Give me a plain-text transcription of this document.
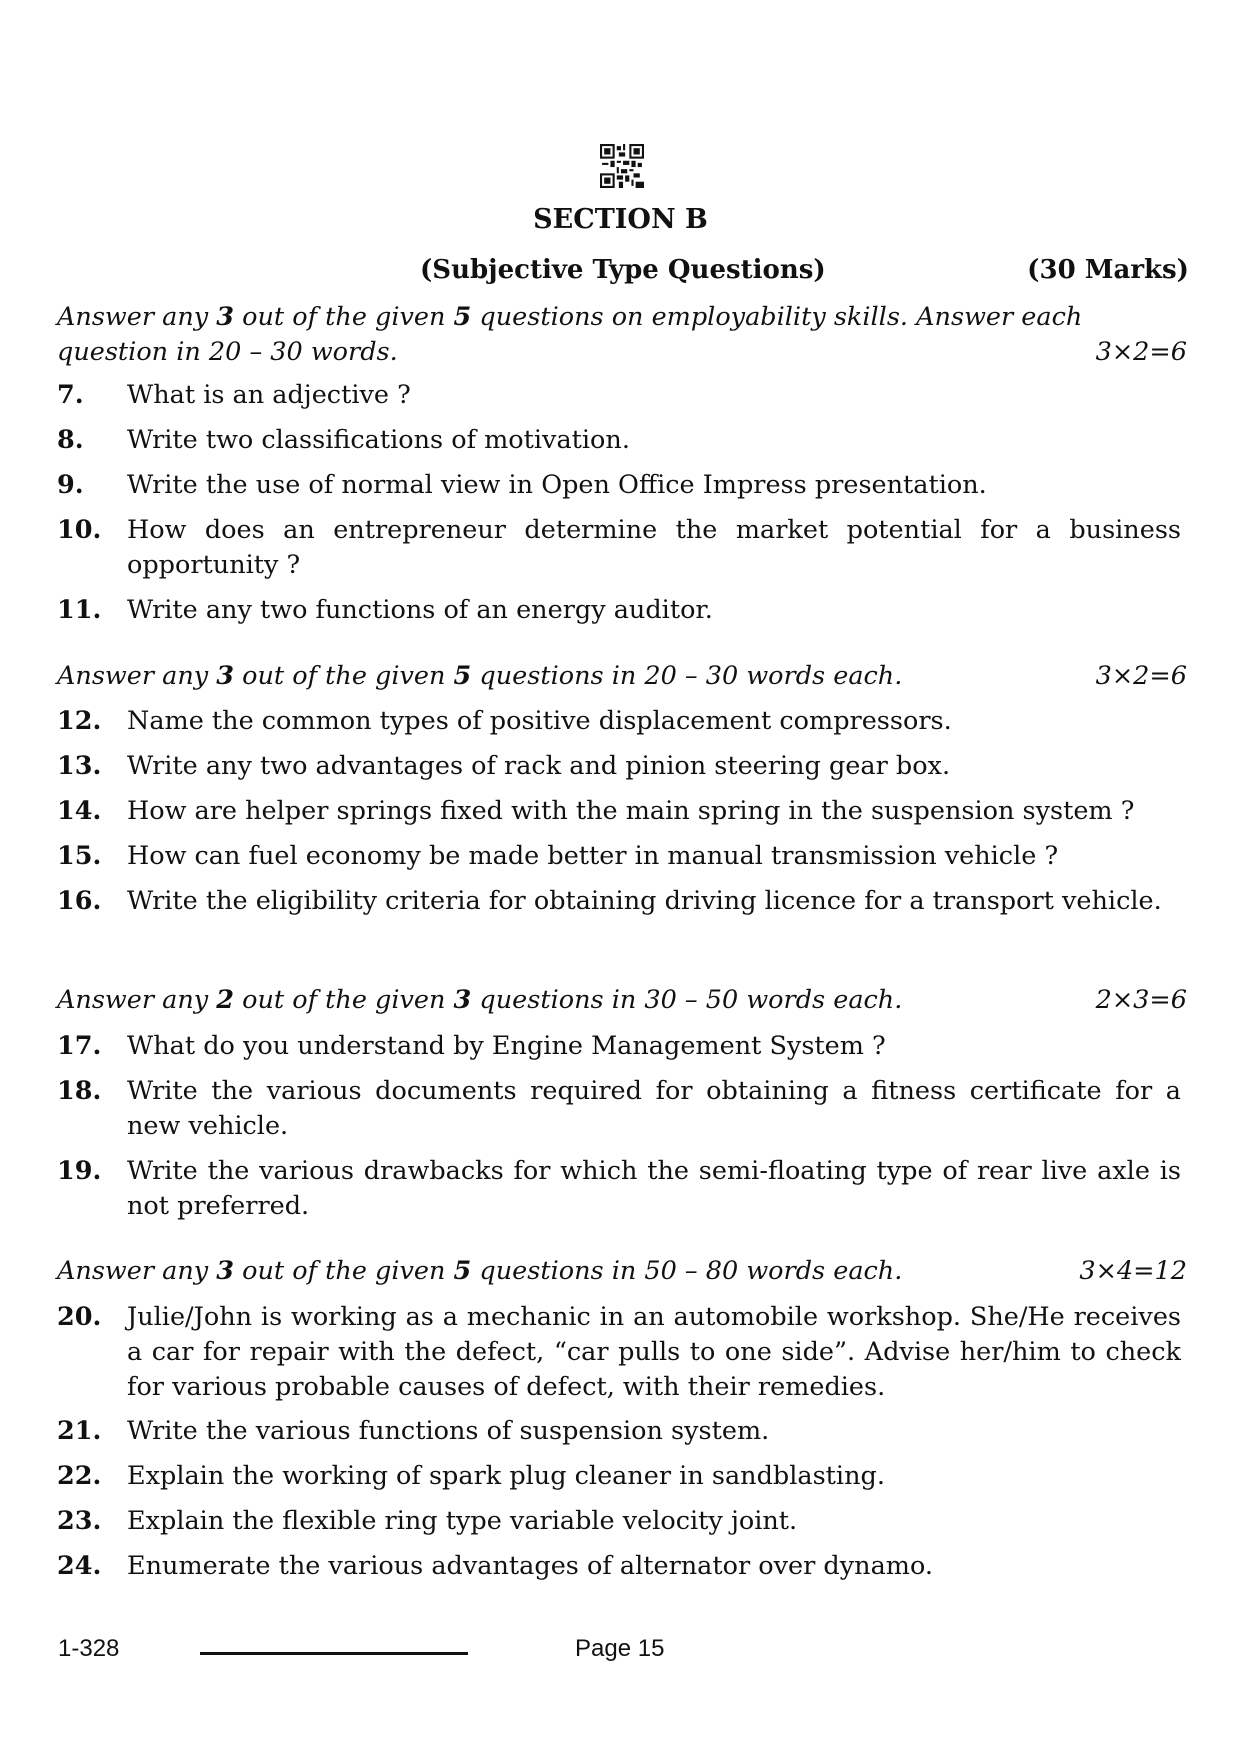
SECTION B
(Subjective Type Questions)	(30 Marks)
Answer any 3 out of the given 5 questions on employability skills. Answer each question in 20 – 30 words.	3×2=6
7. What is an adjective ?
8. Write two classifications of motivation.
9. Write the use of normal view in Open Office Impress presentation.
10. How does an entrepreneur determine the market potential for a business opportunity ?
11. Write any two functions of an energy auditor.
Answer any 3 out of the given 5 questions in 20 – 30 words each.	3×2=6
12. Name the common types of positive displacement compressors.
13. Write any two advantages of rack and pinion steering gear box.
14. How are helper springs fixed with the main spring in the suspension system ?
15. How can fuel economy be made better in manual transmission vehicle ?
16. Write the eligibility criteria for obtaining driving licence for a transport vehicle.
Answer any 2 out of the given 3 questions in 30 – 50 words each.	2×3=6
17. What do you understand by Engine Management System ?
18. Write the various documents required for obtaining a fitness certificate for a new vehicle.
19. Write the various drawbacks for which the semi-floating type of rear live axle is not preferred.
Answer any 3 out of the given 5 questions in 50 – 80 words each.	3×4=12
20. Julie/John is working as a mechanic in an automobile workshop. She/He receives a car for repair with the defect, “car pulls to one side”. Advise her/him to check for various probable causes of defect, with their remedies.
21. Write the various functions of suspension system.
22. Explain the working of spark plug cleaner in sandblasting.
23. Explain the flexible ring type variable velocity joint.
24. Enumerate the various advantages of alternator over dynamo.
1-328	Page 15
